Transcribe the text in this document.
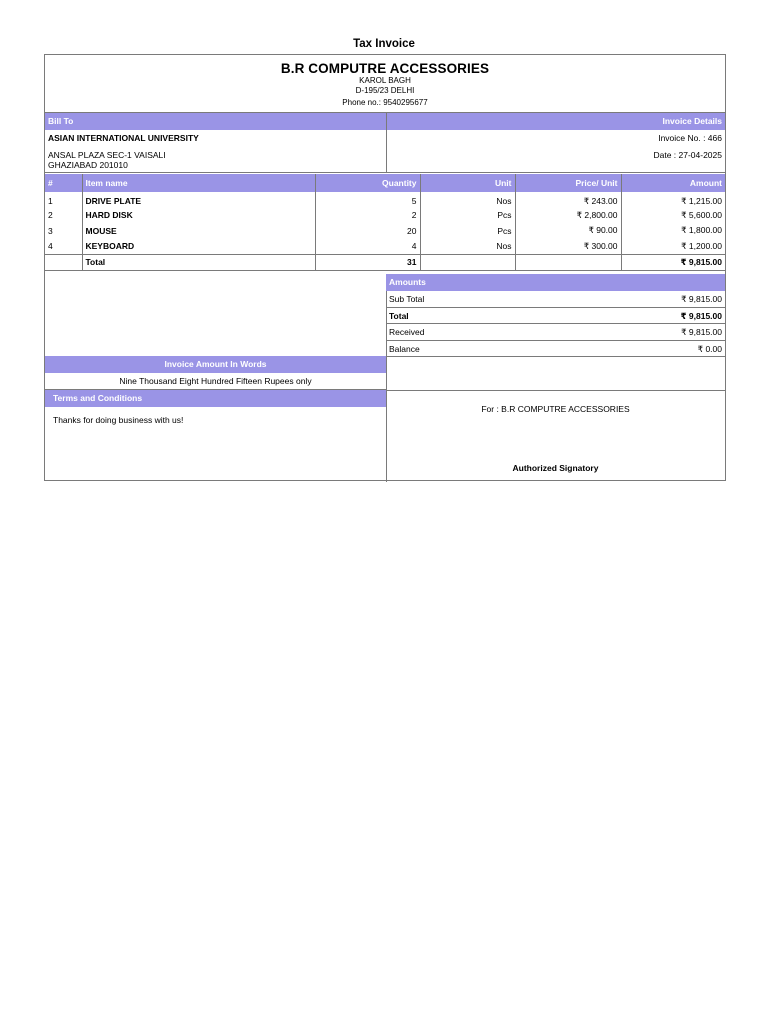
Tax Invoice
B.R COMPUTRE ACCESSORIES
KAROL BAGH
D-195/23 DELHI
Phone no.: 9540295677
Bill To	Invoice Details
ASIAN INTERNATIONAL UNIVERSITY
ANSAL PLAZA SEC-1 VAISALI
GHAZIABAD 201010
Invoice No. : 466
Date : 27-04-2025
#	Item name	Quantity	Unit	Price/ Unit	Amount
1	DRIVE PLATE	5	Nos	₹ 243.00	₹ 1,215.00
2	HARD DISK	2	Pcs	₹ 2,800.00	₹ 5,600.00
3	MOUSE	20	Pcs	₹ 90.00	₹ 1,800.00
4	KEYBOARD	4	Nos	₹ 300.00	₹ 1,200.00
	Total	31			₹ 9,815.00
Amounts
Sub Total	₹ 9,815.00
Total	₹ 9,815.00
Received	₹ 9,815.00
Balance	₹ 0.00
Invoice Amount In Words
Nine Thousand Eight Hundred Fifteen Rupees only
Terms and Conditions
Thanks for doing business with us!
For : B.R COMPUTRE ACCESSORIES
Authorized Signatory
